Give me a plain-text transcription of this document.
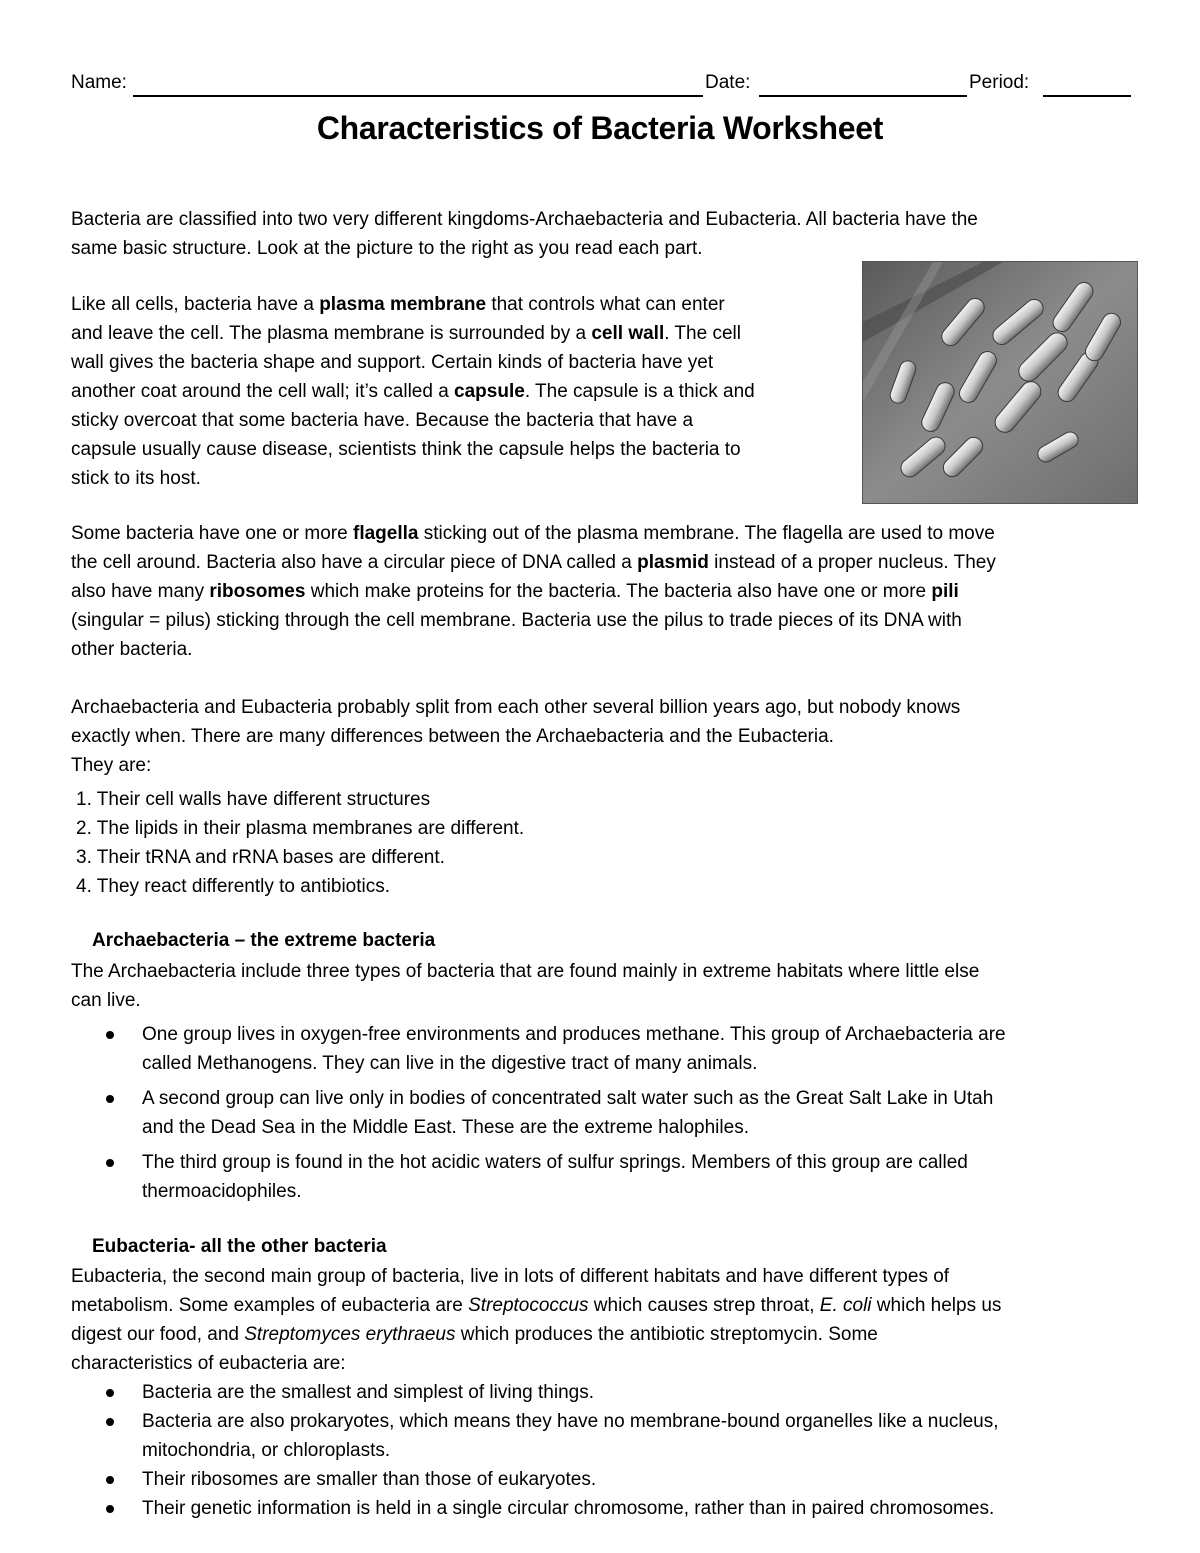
Name:	Date:	Period:
Characteristics of Bacteria Worksheet
Bacteria are classified into two very different kingdoms-Archaebacteria and Eubacteria. All bacteria have the
same basic structure. Look at the picture to the right as you read each part.
Like all cells, bacteria have a plasma membrane that controls what can enter
and leave the cell. The plasma membrane is surrounded by a cell wall. The cell
wall gives the bacteria shape and support. Certain kinds of bacteria have yet
another coat around the cell wall; it’s called a capsule. The capsule is a thick and
sticky overcoat that some bacteria have. Because the bacteria that have a
capsule usually cause disease, scientists think the capsule helps the bacteria to
stick to its host.
Some bacteria have one or more flagella sticking out of the plasma membrane. The flagella are used to move
the cell around. Bacteria also have a circular piece of DNA called a plasmid instead of a proper nucleus. They
also have many ribosomes which make proteins for the bacteria. The bacteria also have one or more pili
(singular = pilus) sticking through the cell membrane. Bacteria use the pilus to trade pieces of its DNA with
other bacteria.
Archaebacteria and Eubacteria probably split from each other several billion years ago, but nobody knows
exactly when. There are many differences between the Archaebacteria and the Eubacteria.
They are:
1. Their cell walls have different structures
2. The lipids in their plasma membranes are different.
3. Their tRNA and rRNA bases are different.
4. They react differently to antibiotics.
Archaebacteria – the extreme bacteria
The Archaebacteria include three types of bacteria that are found mainly in extreme habitats where little else
can live.
One group lives in oxygen-free environments and produces methane. This group of Archaebacteria are
called Methanogens. They can live in the digestive tract of many animals.
A second group can live only in bodies of concentrated salt water such as the Great Salt Lake in Utah
and the Dead Sea in the Middle East. These are the extreme halophiles.
The third group is found in the hot acidic waters of sulfur springs. Members of this group are called
thermoacidophiles.
Eubacteria- all the other bacteria
Eubacteria, the second main group of bacteria, live in lots of different habitats and have different types of
metabolism. Some examples of eubacteria are Streptococcus which causes strep throat, E. coli which helps us
digest our food, and Streptomyces erythraeus which produces the antibiotic streptomycin. Some
characteristics of eubacteria are:
Bacteria are the smallest and simplest of living things.
Bacteria are also prokaryotes, which means they have no membrane-bound organelles like a nucleus,
mitochondria, or chloroplasts.
Their ribosomes are smaller than those of eukaryotes.
Their genetic information is held in a single circular chromosome, rather than in paired chromosomes.
